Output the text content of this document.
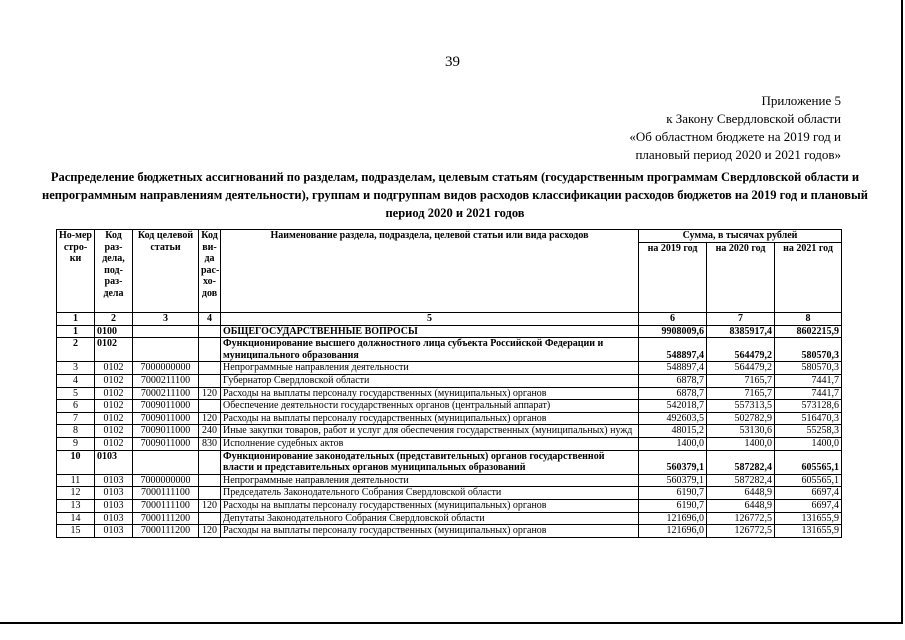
39
Приложение 5
к Закону Свердловской области
«Об областном бюджете на 2019 год и
плановый период 2020 и 2021 годов»
Распределение бюджетных ассигнований по разделам, подразделам, целевым статьям (государственным программам Свердловской области и непрограммным направлениям деятельности), группам и подгруппам видов расходов классификации расходов бюджетов на 2019 год и плановый период 2020 и 2021 годов
Но-мер стро-ки	Код раз-дела, под-раз-дела	Код целевой статьи	Код ви-да рас-хо-дов	Наименование раздела, подраздела, целевой статьи или вида расходов	Сумма, в тысячах рублей		
					на 2019 год	на 2020 год	на 2021 год
1	2	3	4	5	6	7	8
1	0100			ОБЩЕГОСУДАРСТВЕННЫЕ ВОПРОСЫ	9908009,6	8385917,4	8602215,9
2	0102			Функционирование высшего должностного лица субъекта Российской Федерации и муниципального образования	548897,4	564479,2	580570,3
3	0102	7000000000		Непрограммные направления деятельности	548897,4	564479,2	580570,3
4	0102	7000211100		Губернатор Свердловской области	6878,7	7165,7	7441,7
5	0102	7000211100	120	Расходы на выплаты персоналу государственных (муниципальных) органов	6878,7	7165,7	7441,7
6	0102	7009011000		Обеспечение деятельности государственных органов (центральный аппарат)	542018,7	557313,5	573128,6
7	0102	7009011000	120	Расходы на выплаты персоналу государственных (муниципальных) органов	492603,5	502782,9	516470,3
8	0102	7009011000	240	Иные закупки товаров, работ и услуг для обеспечения государственных (муниципальных) нужд	48015,2	53130,6	55258,3
9	0102	7009011000	830	Исполнение судебных актов	1400,0	1400,0	1400,0
10	0103			Функционирование законодательных (представительных) органов государственной власти и представительных органов муниципальных образований	560379,1	587282,4	605565,1
11	0103	7000000000		Непрограммные направления деятельности	560379,1	587282,4	605565,1
12	0103	7000111100		Председатель Законодательного Собрания Свердловской области	6190,7	6448,9	6697,4
13	0103	7000111100	120	Расходы на выплаты персоналу государственных (муниципальных) органов	6190,7	6448,9	6697,4
14	0103	7000111200		Депутаты Законодательного Собрания Свердловской области	121696,0	126772,5	131655,9
15	0103	7000111200	120	Расходы на выплаты персоналу государственных (муниципальных) органов	121696,0	126772,5	131655,9
